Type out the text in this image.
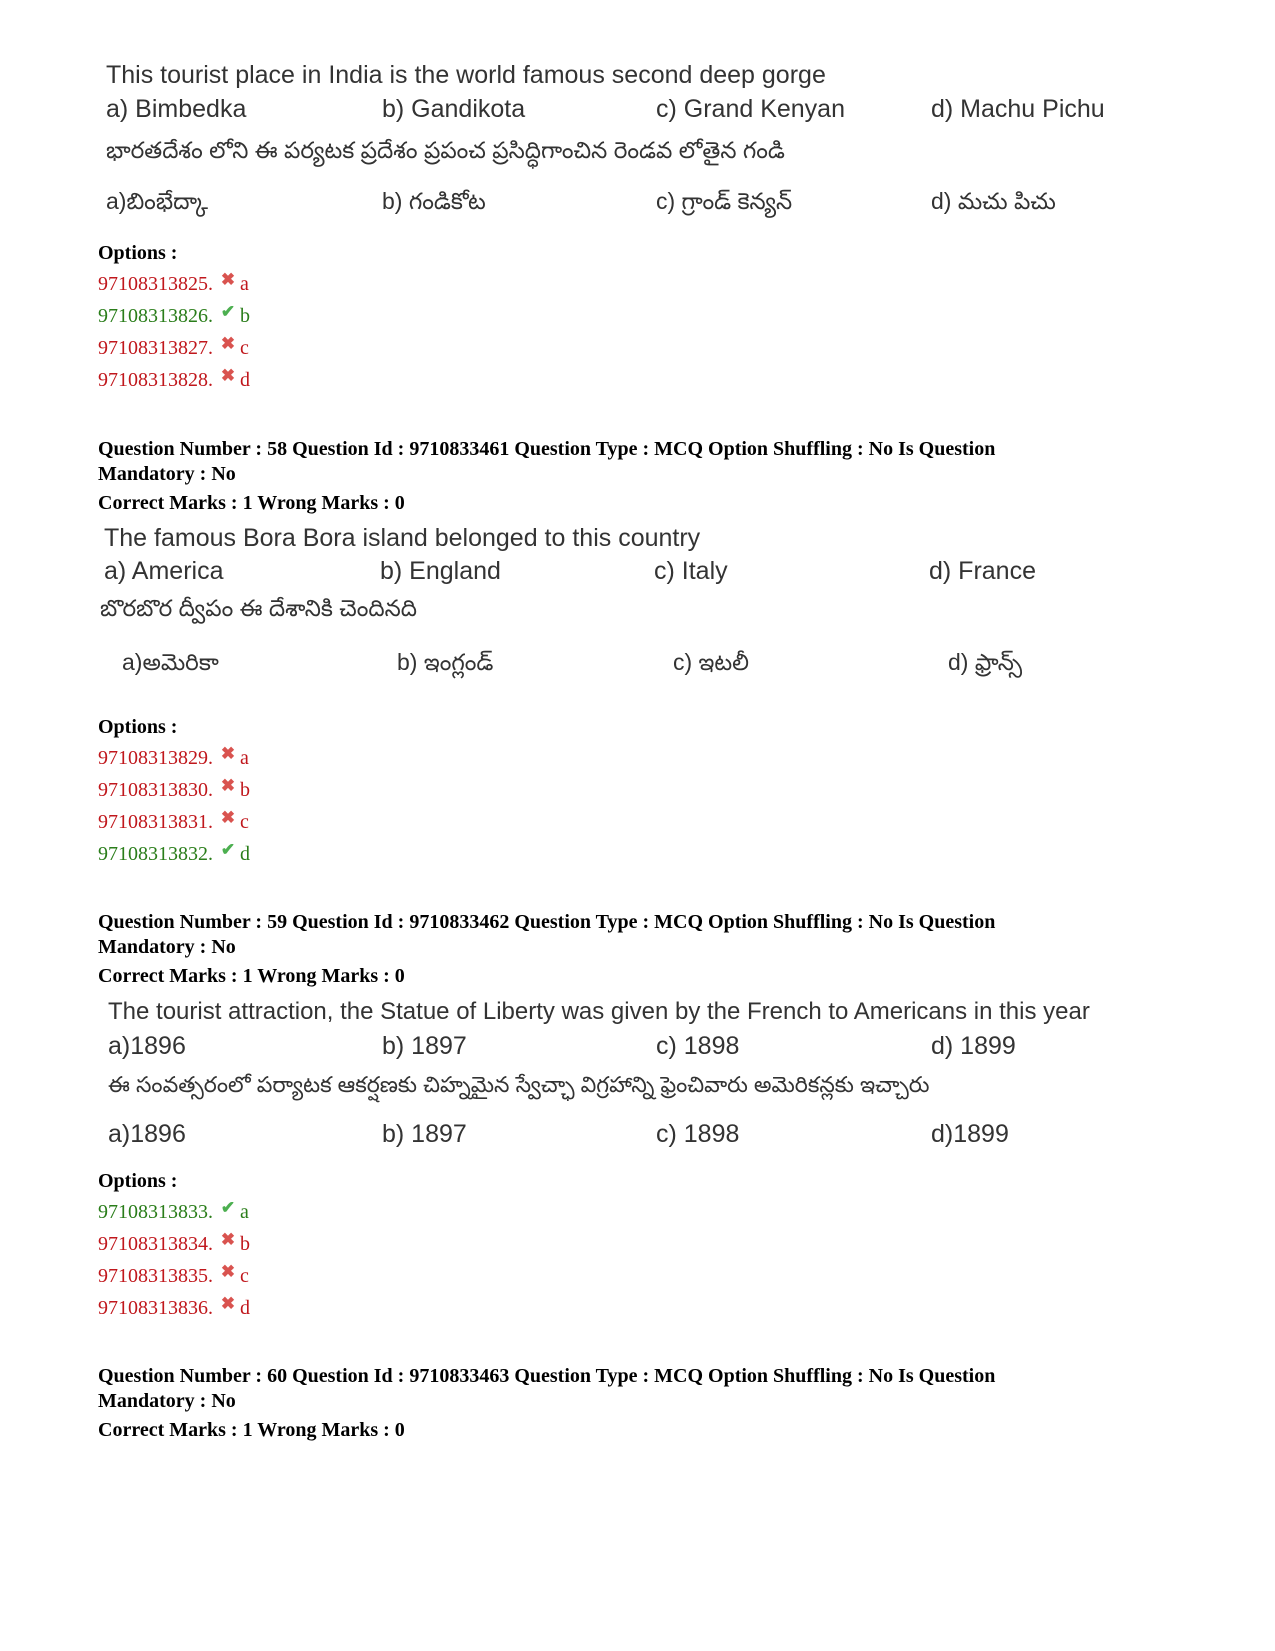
This tourist place in India is the world famous second deep gorge
a) Bimbedka	b) Gandikota	c) Grand Kenyan	d) Machu Pichu
భారతదేశం లోని ఈ పర్యటక ప్రదేశం ప్రపంచ ప్రసిద్ధిగాంచిన రెండవ లోతైన గండి
a)బింభేద్కా	b) గండికోట	c) గ్రాండ్ కెన్యన్	d) మచు పిచు
Options :
97108313825. ✖ a
97108313826. ✔ b
97108313827. ✖ c
97108313828. ✖ d
Question Number : 58 Question Id : 9710833461 Question Type : MCQ Option Shuffling : No Is Question
Mandatory : No
Correct Marks : 1 Wrong Marks : 0
The famous Bora Bora island belonged to this country
a) America	b) England	c) Italy	d) France
బొరబొర ద్వీపం ఈ దేశానికి చెందినది
a)అమెరికా	b) ఇంగ్లండ్	c) ఇటలీ	d) ఫ్రాన్స్
Options :
97108313829. ✖ a
97108313830. ✖ b
97108313831. ✖ c
97108313832. ✔ d
Question Number : 59 Question Id : 9710833462 Question Type : MCQ Option Shuffling : No Is Question
Mandatory : No
Correct Marks : 1 Wrong Marks : 0
The tourist attraction, the Statue of Liberty was given by the French to Americans in this year
a)1896	b) 1897	c) 1898	d) 1899
ఈ సంవత్సరంలో పర్యాటక ఆకర్షణకు చిహ్నమైన స్వేచ్ఛా విగ్రహాన్ని ఫ్రెంచివారు అమెరికన్లకు ఇచ్చారు
a)1896	b) 1897	c) 1898	d)1899
Options :
97108313833. ✔ a
97108313834. ✖ b
97108313835. ✖ c
97108313836. ✖ d
Question Number : 60 Question Id : 9710833463 Question Type : MCQ Option Shuffling : No Is Question
Mandatory : No
Correct Marks : 1 Wrong Marks : 0
